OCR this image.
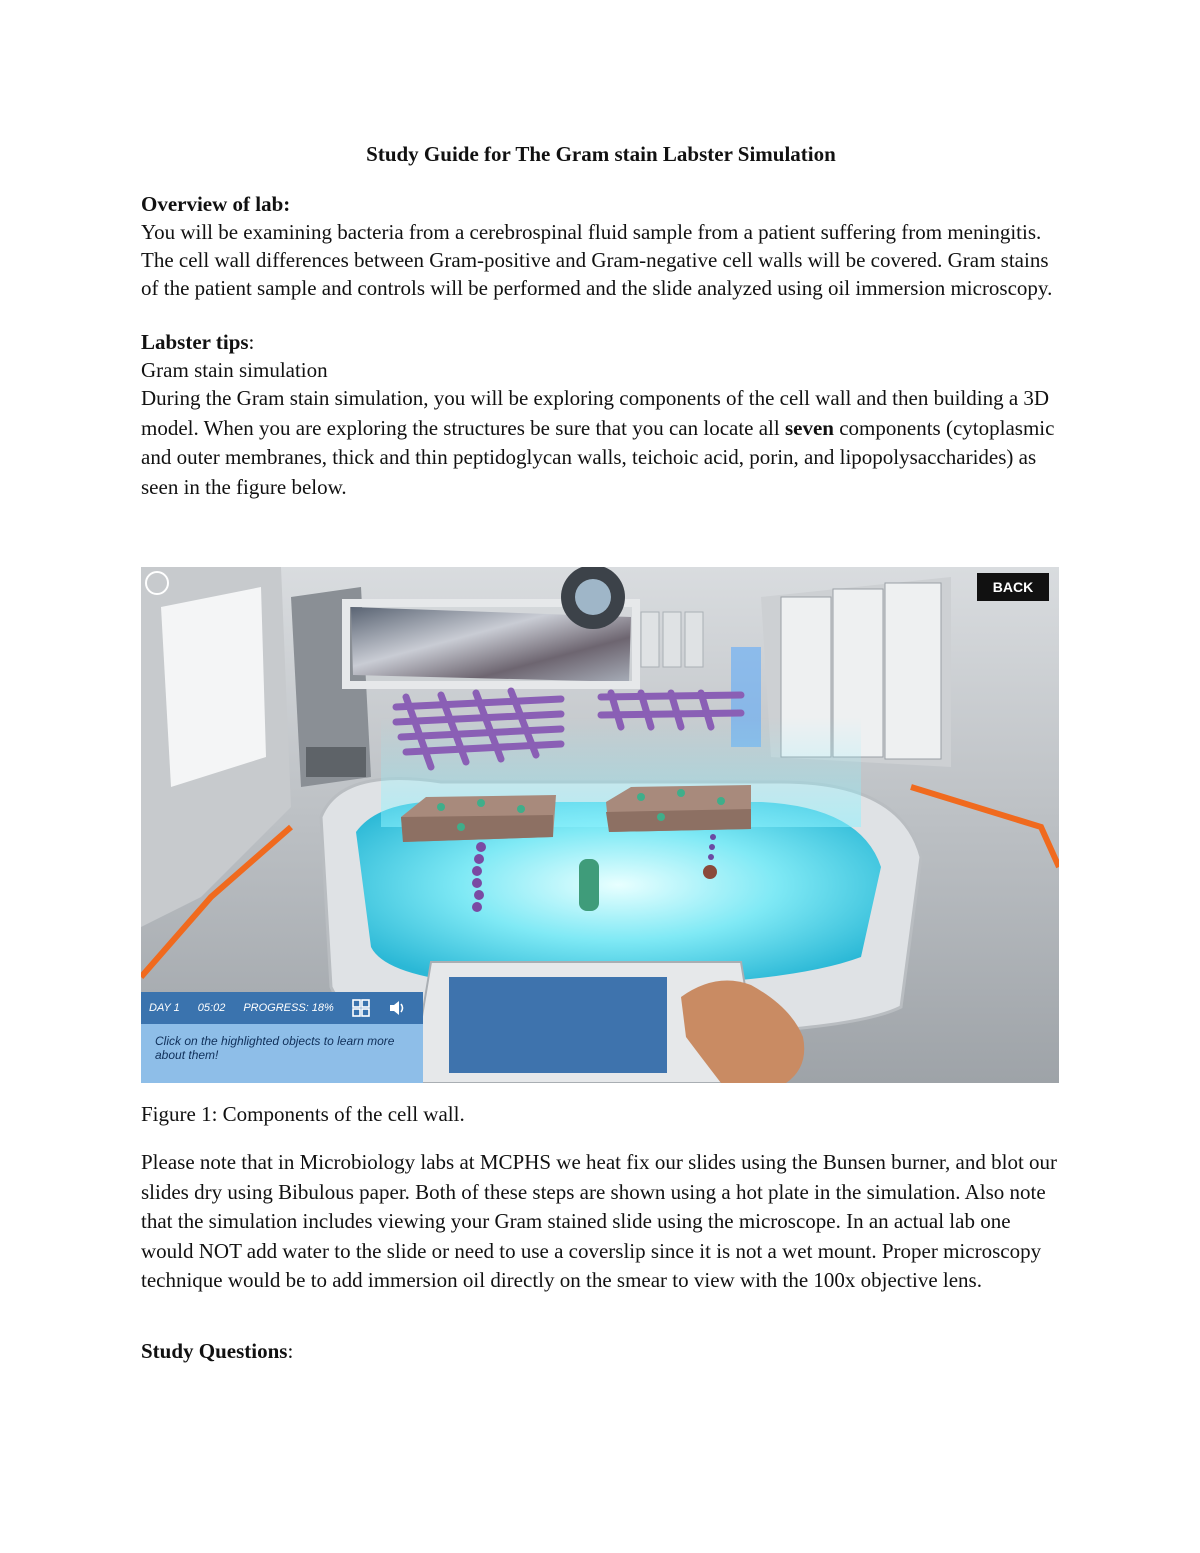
Study Guide for The Gram stain Labster Simulation

Overview of lab:

You will be examining bacteria from a cerebrospinal fluid sample from a patient suffering from meningitis. The cell wall differences between Gram-positive and Gram-negative cell walls will be covered. Gram stains of the patient sample and controls will be performed and the slide analyzed using oil immersion microscopy.

Labster tips:

Gram stain simulation

During the Gram stain simulation, you will be exploring components of the cell wall and then building a 3D model. When you are exploring the structures be sure that you can locate all seven components (cytoplasmic and outer membranes, thick and thin peptidoglycan walls, teichoic acid, porin, and lipopolysaccharides) as seen in the figure below.

BACK
DAY 1 05:02 PROGRESS: 18%
Click on the highlighted objects to learn more about them!

Figure 1: Components of the cell wall.

Please note that in Microbiology labs at MCPHS we heat fix our slides using the Bunsen burner, and blot our slides dry using Bibulous paper. Both of these steps are shown using a hot plate in the simulation. Also note that the simulation includes viewing your Gram stained slide using the microscope. In an actual lab one would NOT add water to the slide or need to use a coverslip since it is not a wet mount. Proper microscopy technique would be to add immersion oil directly on the smear to view with the 100x objective lens.

Study Questions:
